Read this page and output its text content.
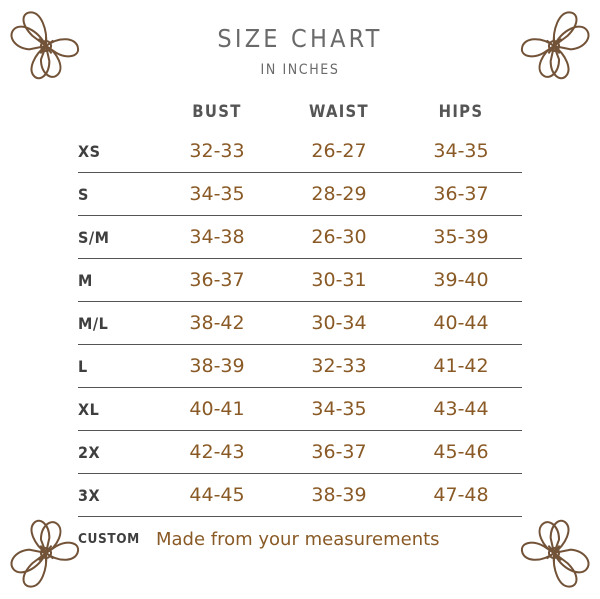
SIZE CHART
IN INCHES
	BUST	WAIST	HIPS
XS	32-33	26-27	34-35
S	34-35	28-29	36-37
S/M	34-38	26-30	35-39
M	36-37	30-31	39-40
M/L	38-42	30-34	40-44
L	38-39	32-33	41-42
XL	40-41	34-35	43-44
2X	42-43	36-37	45-46
3X	44-45	38-39	47-48
CUSTOM	Made from your measurements		
